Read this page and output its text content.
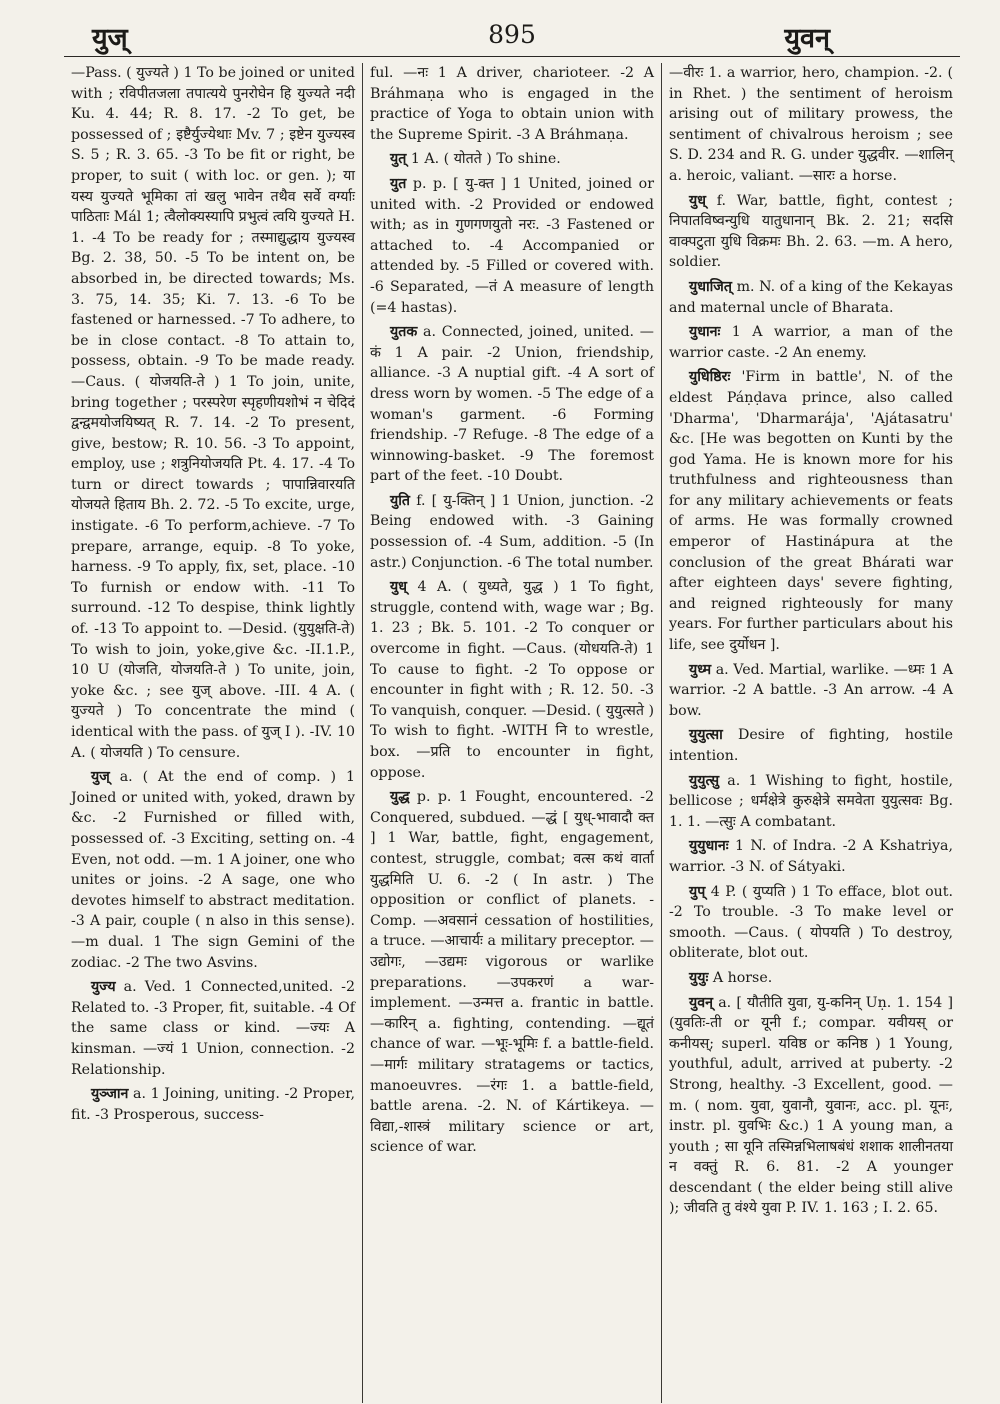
युज्	895	युवन्

—Pass. ( युज्यते ) 1 To be joined or united with ; रविपीतजला तपात्यये पुनरोघेन हि युज्यते नदी Ku. 4. 44; R. 8. 17. -2 To get, be possessed of ; इष्टैर्युज्येथाः Mv. 7 ; इष्टेन युज्यस्व S. 5 ; R. 3. 65. -3 To be fit or right, be proper, to suit ( with loc. or gen. ); या यस्य युज्यते भूमिका तां खलु भावेन तथैव सर्वे वर्ग्याः पाठिताः Mál 1; त्वैलोक्यस्यापि प्रभुत्वं त्वयि युज्यते H. 1. -4 To be ready for ; तस्माद्युद्धाय युज्यस्व Bg. 2. 38, 50. -5 To be intent on, be absorbed in, be directed towards; Ms. 3. 75, 14. 35; Ki. 7. 13. -6 To be fastened or harnessed. -7 To adhere, to be in close contact. -8 To attain to, possess, obtain. -9 To be made ready. —Caus. ( योजयति-ते ) 1 To join, unite, bring together ; परस्परेण स्पृहणीयशोभं न चेदिदं द्वन्द्वमयोजयिष्यत् R. 7. 14. -2 To present, give, bestow; R. 10. 56. -3 To appoint, employ, use ; शत्रुनियोजयति Pt. 4. 17. -4 To turn or direct towards ; पापान्निवारयति योजयते हिताय Bh. 2. 72. -5 To excite, urge, instigate. -6 To perform,achieve. -7 To prepare, arrange, equip. -8 To yoke, harness. -9 To apply, fix, set, place. -10 To furnish or endow with. -11 To surround. -12 To despise, think lightly of. -13 To appoint to. —Desid. (युयुक्षति-ते) To wish to join, yoke,give &c. -II.1.P., 10 U (योजति, योजयति-ते ) To unite, join, yoke &c. ; see युज् above. -III. 4 A. ( युज्यते ) To concentrate the mind ( identical with the pass. of युज् I ). -IV. 10 A. ( योजयति ) To censure.

युज् a. ( At the end of comp. ) 1 Joined or united with, yoked, drawn by &c. -2 Furnished or filled with, possessed of. -3 Exciting, setting on. -4 Even, not odd. —m. 1 A joiner, one who unites or joins. -2 A sage, one who devotes himself to abstract meditation. -3 A pair, couple ( n also in this sense). —m dual. 1 The sign Gemini of the zodiac. -2 The two Asvins.

युज्य a. Ved. 1 Connected,united. -2 Related to. -3 Proper, fit, suitable. -4 Of the same class or kind. —ज्यः A kinsman. —ज्यं 1 Union, connection. -2 Relationship.

युञ्जान a. 1 Joining, uniting. -2 Proper, fit. -3 Prosperous, success-

ful. —नः 1 A driver, charioteer. -2 A Bráhmaṇa who is engaged in the practice of Yoga to obtain union with the Supreme Spirit. -3 A Bráhmaṇa.

युत् 1 A. ( योतते ) To shine.

युत p. p. [ यु-क्त ] 1 United, joined or united with. -2 Provided or endowed with; as in गुणगणयुतो नरः. -3 Fastened or attached to. -4 Accompanied or attended by. -5 Filled or covered with. -6 Separated, —तं A measure of length (=4 hastas).

युतक a. Connected, joined, united. —कं 1 A pair. -2 Union, friendship, alliance. -3 A nuptial gift. -4 A sort of dress worn by women. -5 The edge of a woman's garment. -6 Forming friendship. -7 Refuge. -8 The edge of a winnowing-basket. -9 The foremost part of the feet. -10 Doubt.

युति f. [ यु-क्तिन् ] 1 Union, junction. -2 Being endowed with. -3 Gaining possession of. -4 Sum, addition. -5 (In astr.) Conjunction. -6 The total number.

युध् 4 A. ( युध्यते, युद्ध ) 1 To fight, struggle, contend with, wage war ; Bg. 1. 23 ; Bk. 5. 101. -2 To conquer or overcome in fight. —Caus. (योधयति-ते) 1 To cause to fight. -2 To oppose or encounter in fight with ; R. 12. 50. -3 To vanquish, conquer. —Desid. ( युयुत्सते ) To wish to fight. -WITH नि to wrestle, box. —प्रति to encounter in fight, oppose.

युद्ध p. p. 1 Fought, encountered. -2 Conquered, subdued. —द्धं [ युध्-भावादौ क्त ] 1 War, battle, fight, engagement, contest, struggle, combat; वत्स कथं वार्ता युद्धमिति U. 6. -2 ( In astr. ) The opposition or conflict of planets. -Comp. —अवसानं cessation of hostilities, a truce. —आचार्यः a military preceptor. —उद्योगः, —उद्यमः vigorous or warlike preparations. —उपकरणं a war-implement. —उन्मत्त a. frantic in battle. —कारिन् a. fighting, contending. —द्यूतं chance of war. —भूः-भूमिः f. a battle-field. —मार्गः military stratagems or tactics, manoeuvres. —रंगः 1. a battle-field, battle arena. -2. N. of Kártikeya. —विद्या,-शास्त्रं military science or art, science of war.

—वीरः 1. a warrior, hero, champion. -2. ( in Rhet. ) the sentiment of heroism arising out of military prowess, the sentiment of chivalrous heroism ; see S. D. 234 and R. G. under युद्धवीर. —शालिन् a. heroic, valiant. —सारः a horse.

युध् f. War, battle, fight, contest ; निपातविष्वन्युधि यातुधानान् Bk. 2. 21; सदसि वाक्पटुता युधि विक्रमः Bh. 2. 63. —m. A hero, soldier.

युधाजित् m. N. of a king of the Kekayas and maternal uncle of Bharata.

युधानः 1 A warrior, a man of the warrior caste. -2 An enemy.

युधिष्ठिरः 'Firm in battle', N. of the eldest Páṇḍava prince, also called 'Dharma', 'Dharmarája', 'Ajátasatru' &c. [He was begotten on Kunti by the god Yama. He is known more for his truthfulness and righteousness than for any military achievements or feats of arms. He was formally crowned emperor of Hastinápura at the conclusion of the great Bhárati war after eighteen days' severe fighting, and reigned righteously for many years. For further particulars about his life, see दुर्योधन ].

युध्म a. Ved. Martial, warlike. —ध्मः 1 A warrior. -2 A battle. -3 An arrow. -4 A bow.

युयुत्सा Desire of fighting, hostile intention.

युयुत्सु a. 1 Wishing to fight, hostile, bellicose ; धर्मक्षेत्रे कुरुक्षेत्रे समवेता युयुत्सवः Bg. 1. 1. —त्सुः A combatant.

युयुधानः 1 N. of Indra. -2 A Kshatriya, warrior. -3 N. of Sátyaki.

युप् 4 P. ( युप्यति ) 1 To efface, blot out. -2 To trouble. -3 To make level or smooth. —Caus. ( योपयति ) To destroy, obliterate, blot out.

युयुः A horse.

युवन् a. [ यौतीति युवा, यु-कनिन् Uṇ. 1. 154 ] (युवतिः-ती or यूनी f.; compar. यवीयस् or कनीयस्; superl. यविष्ठ or कनिष्ठ ) 1 Young, youthful, adult, arrived at puberty. -2 Strong, healthy. -3 Excellent, good. —m. ( nom. युवा, युवानौ, युवानः, acc. pl. यूनः, instr. pl. युवभिः &c.) 1 A young man, a youth ; सा यूनि तस्मिन्नभिलाषबंधं शशाक शालीनतया न वक्तुं R. 6. 81. -2 A younger descendant ( the elder being still alive ); जीवति तु वंश्ये युवा P. IV. 1. 163 ; I. 2. 65.
